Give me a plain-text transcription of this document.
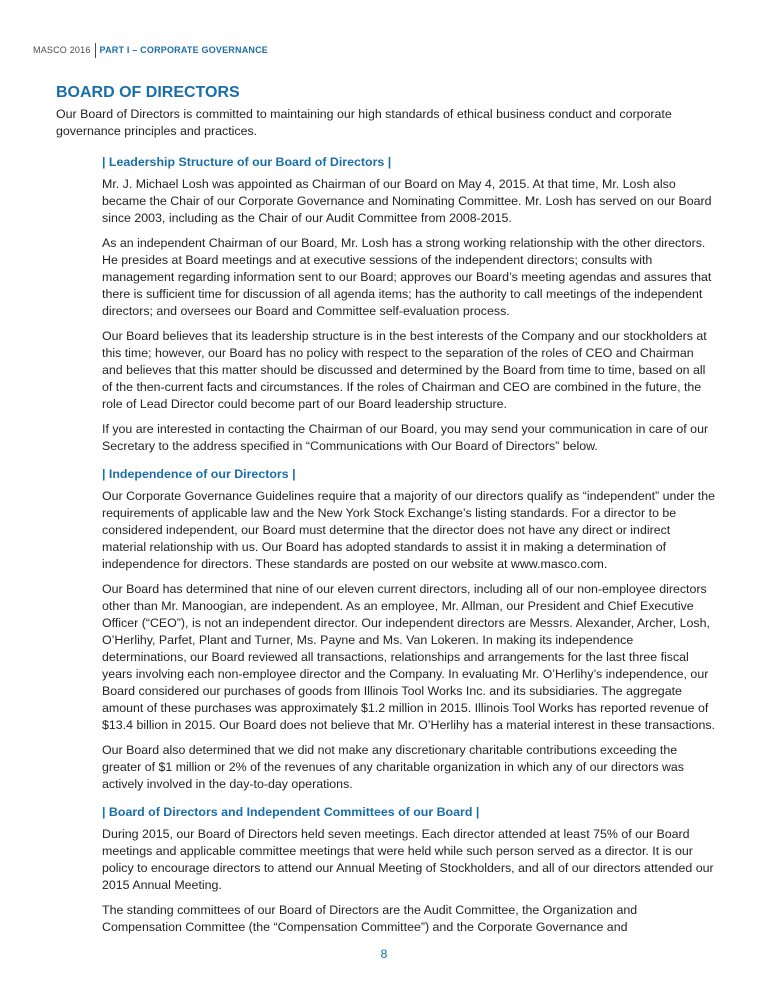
MASCO 2016 PART I – CORPORATE GOVERNANCE
BOARD OF DIRECTORS

Our Board of Directors is committed to maintaining our high standards of ethical business conduct and corporate governance principles and practices.

| Leadership Structure of our Board of Directors |

Mr. J. Michael Losh was appointed as Chairman of our Board on May 4, 2015. At that time, Mr. Losh also became the Chair of our Corporate Governance and Nominating Committee. Mr. Losh has served on our Board since 2003, including as the Chair of our Audit Committee from 2008-2015.

As an independent Chairman of our Board, Mr. Losh has a strong working relationship with the other directors. He presides at Board meetings and at executive sessions of the independent directors; consults with management regarding information sent to our Board; approves our Board’s meeting agendas and assures that there is sufficient time for discussion of all agenda items; has the authority to call meetings of the independent directors; and oversees our Board and Committee self-evaluation process.

Our Board believes that its leadership structure is in the best interests of the Company and our stockholders at this time; however, our Board has no policy with respect to the separation of the roles of CEO and Chairman and believes that this matter should be discussed and determined by the Board from time to time, based on all of the then-current facts and circumstances. If the roles of Chairman and CEO are combined in the future, the role of Lead Director could become part of our Board leadership structure.

If you are interested in contacting the Chairman of our Board, you may send your communication in care of our Secretary to the address specified in “Communications with Our Board of Directors” below.

| Independence of our Directors |

Our Corporate Governance Guidelines require that a majority of our directors qualify as “independent” under the requirements of applicable law and the New York Stock Exchange’s listing standards. For a director to be considered independent, our Board must determine that the director does not have any direct or indirect material relationship with us. Our Board has adopted standards to assist it in making a determination of independence for directors. These standards are posted on our website at www.masco.com.

Our Board has determined that nine of our eleven current directors, including all of our non-employee directors other than Mr. Manoogian, are independent. As an employee, Mr. Allman, our President and Chief Executive Officer (“CEO”), is not an independent director. Our independent directors are Messrs. Alexander, Archer, Losh, O’Herlihy, Parfet, Plant and Turner, Ms. Payne and Ms. Van Lokeren. In making its independence determinations, our Board reviewed all transactions, relationships and arrangements for the last three fiscal years involving each non-employee director and the Company. In evaluating Mr. O’Herlihy’s independence, our Board considered our purchases of goods from Illinois Tool Works Inc. and its subsidiaries. The aggregate amount of these purchases was approximately $1.2 million in 2015. Illinois Tool Works has reported revenue of $13.4 billion in 2015. Our Board does not believe that Mr. O’Herlihy has a material interest in these transactions.

Our Board also determined that we did not make any discretionary charitable contributions exceeding the greater of $1 million or 2% of the revenues of any charitable organization in which any of our directors was actively involved in the day-to-day operations.

| Board of Directors and Independent Committees of our Board |

During 2015, our Board of Directors held seven meetings. Each director attended at least 75% of our Board meetings and applicable committee meetings that were held while such person served as a director. It is our policy to encourage directors to attend our Annual Meeting of Stockholders, and all of our directors attended our 2015 Annual Meeting.

The standing committees of our Board of Directors are the Audit Committee, the Organization and Compensation Committee (the “Compensation Committee”) and the Corporate Governance and

8
